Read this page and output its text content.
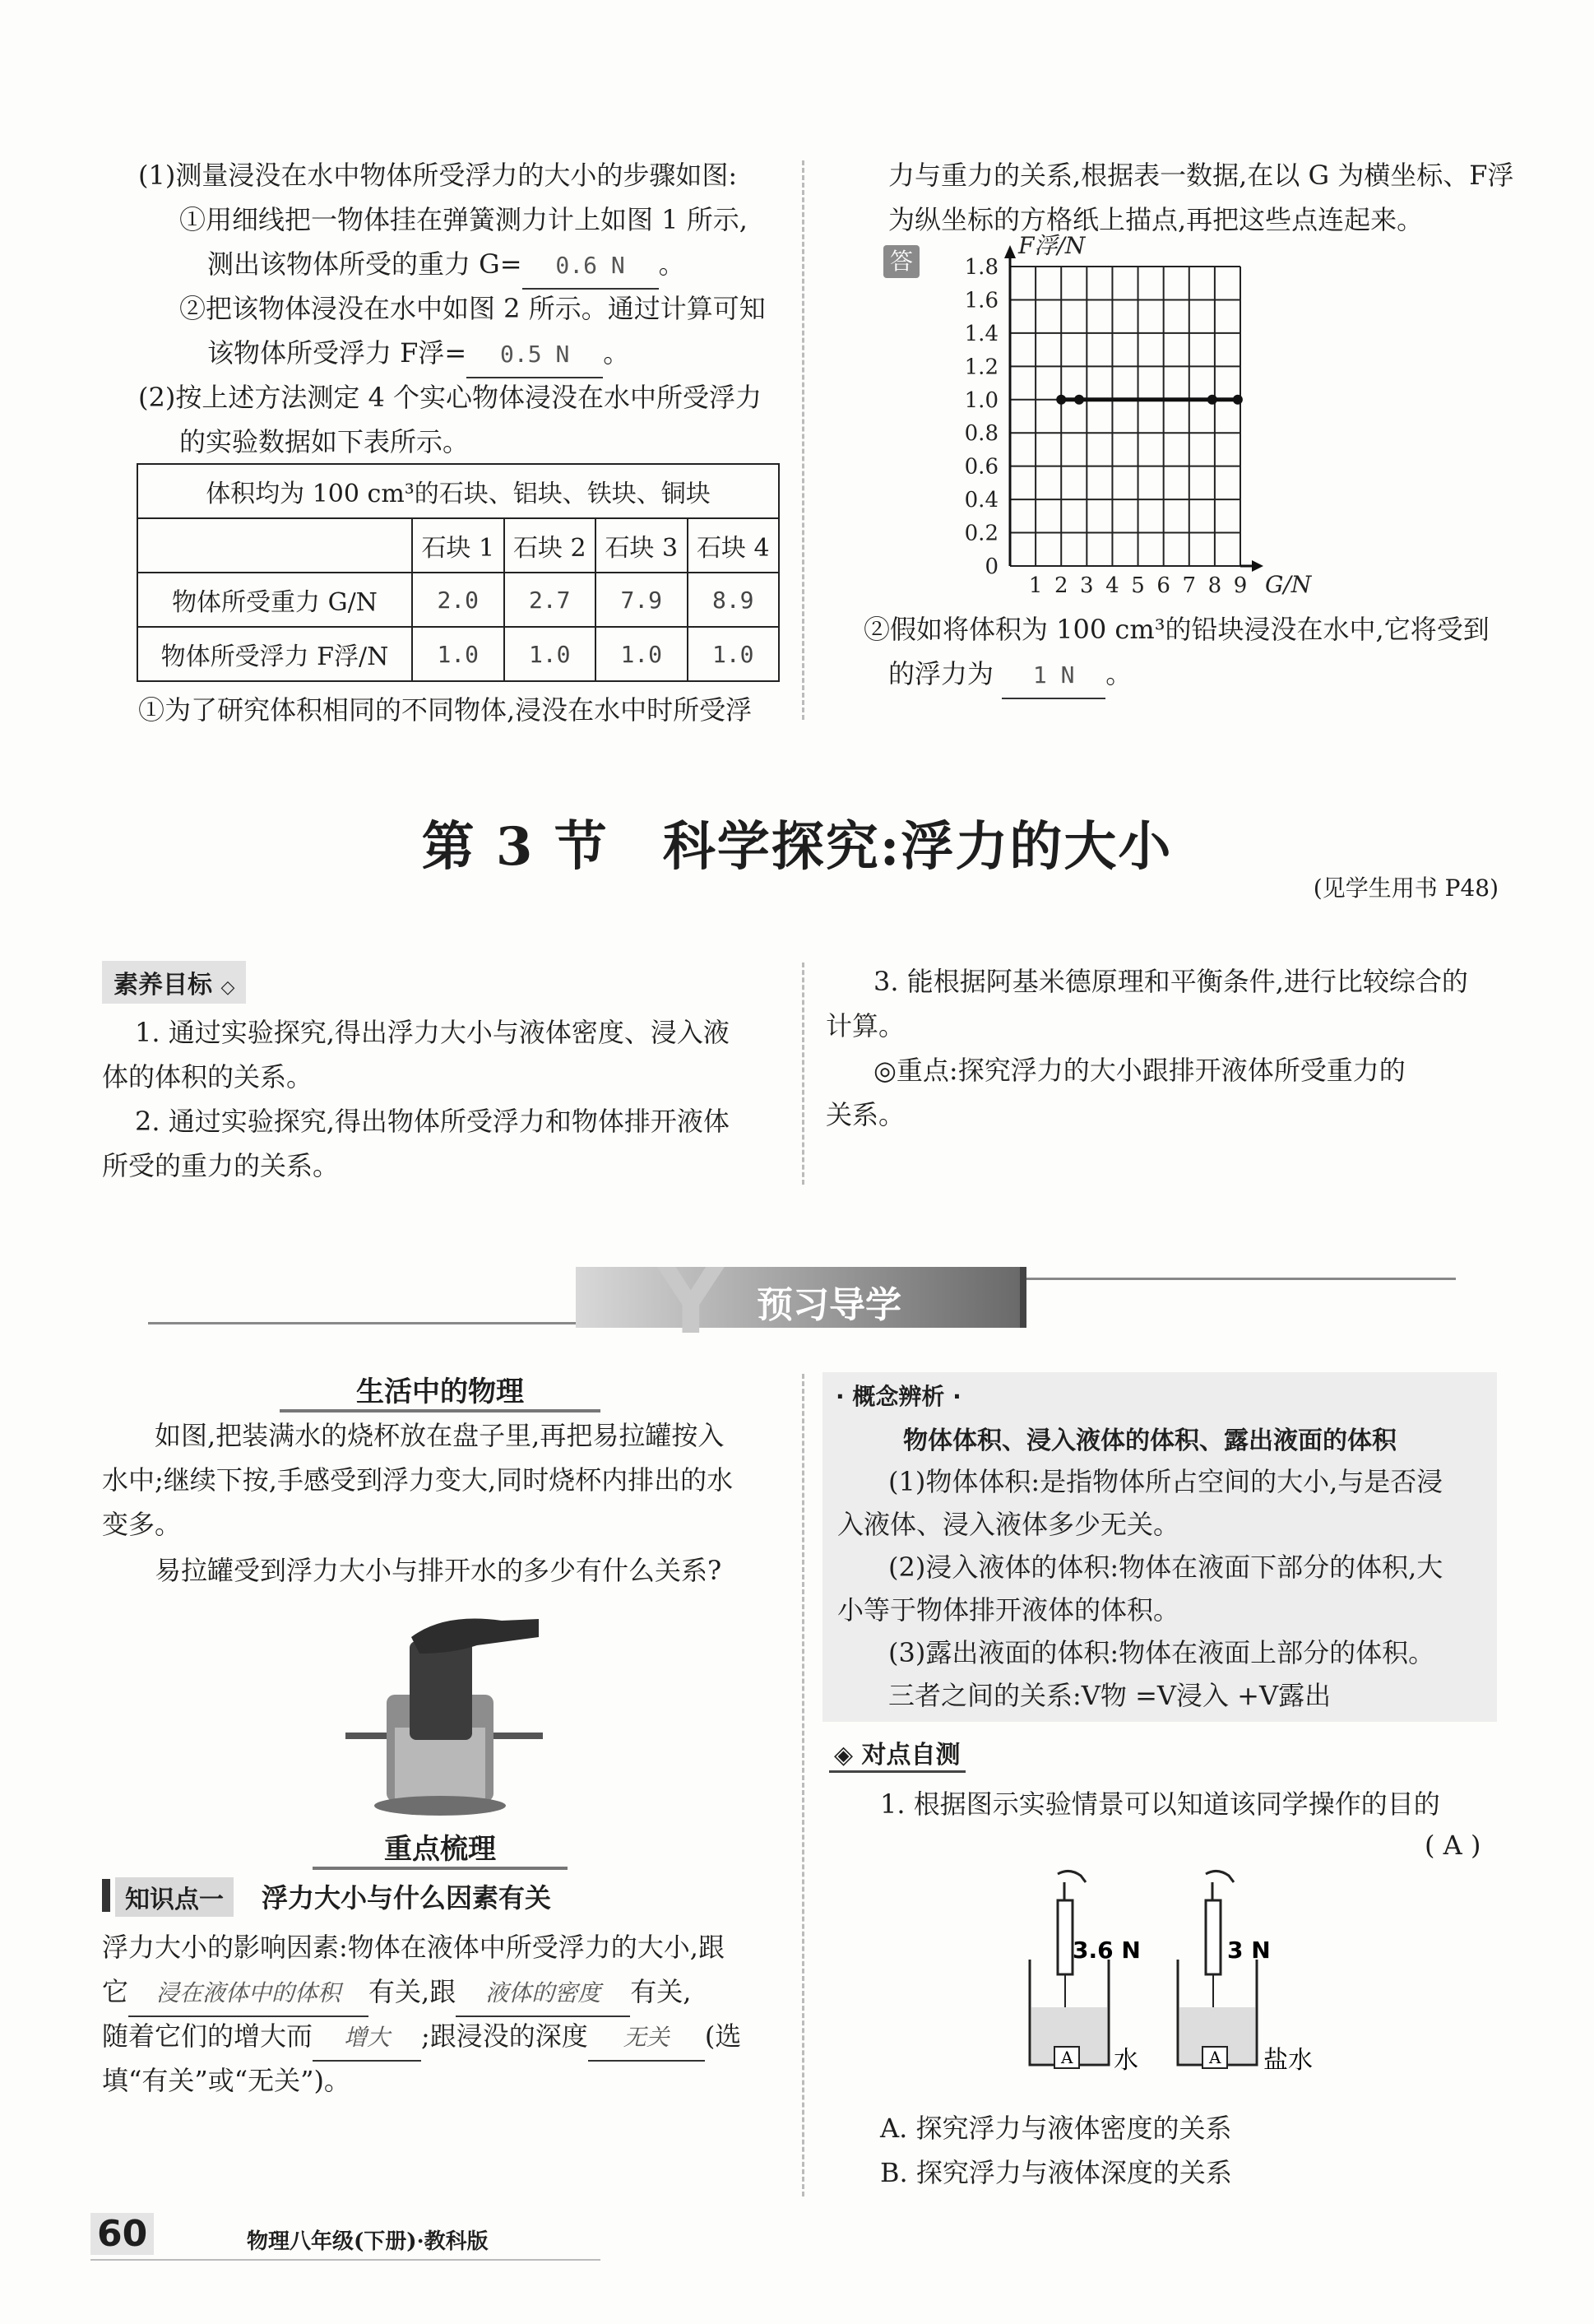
(1)测量浸没在水中物体所受浮力的大小的步骤如图:
①用细线把一物体挂在弹簧测力计上如图 1 所示,
测出该物体所受的重力 G= 0.6 N 。
②把该物体浸没在水中如图 2 所示。通过计算可知
该物体所受浮力 F浮= 0.5 N 。
(2)按上述方法测定 4 个实心物体浸没在水中所受浮力
的实验数据如下表所示。
体积均为 100 cm³的石块、铝块、铁块、铜块				
	石块 1	石块 2	石块 3	石块 4
物体所受重力 G/N	2.0	2.7	7.9	8.9
物体所受浮力 F浮/N	1.0	1.0	1.0	1.0
①为了研究体积相同的不同物体,浸没在水中时所受浮
力与重力的关系,根据表一数据,在以 G 为横坐标、F浮
为纵坐标的方格纸上描点,再把这些点连起来。
答
1 2 3 4 5 6 7 8 9
0
0.2
0.4
0.6
0.8
1.0
1.2
1.4
1.6
1.8
F浮/N
G/N
②假如将体积为 100 cm³的铅块浸没在水中,它将受到
的浮力为 1 N 。
第 3 节　科学探究:浮力的大小
(见学生用书 P48)
素养目标 ◇
1. 通过实验探究,得出浮力大小与液体密度、浸入液
体的体积的关系。
2. 通过实验探究,得出物体所受浮力和物体排开液体
所受的重力的关系。
3. 能根据阿基米德原理和平衡条件,进行比较综合的
计算。
◎重点:探究浮力的大小跟排开液体所受重力的
关系。
Y 预习导学
生活中的物理
如图,把装满水的烧杯放在盘子里,再把易拉罐按入
水中;继续下按,手感受到浮力变大,同时烧杯内排出的水
变多。
易拉罐受到浮力大小与排开水的多少有什么关系?
重点梳理
知识点一	浮力大小与什么因素有关
浮力大小的影响因素:物体在液体中所受浮力的大小,跟
它 浸在液体中的体积 有关,跟 液体的密度 有关,
随着它们的增大而 增大 ;跟浸没的深度 无关 (选
填“有关”或“无关”)。
· 概念辨析 ·
物体体积、浸入液体的体积、露出液面的体积
(1)物体体积:是指物体所占空间的大小,与是否浸
入液体、浸入液体多少无关。
(2)浸入液体的体积:物体在液面下部分的体积,大
小等于物体排开液体的体积。
(3)露出液面的体积:物体在液面上部分的体积。
三者之间的关系:V物 =V浸入 +V露出
◈ 对点自测
1. 根据图示实验情景可以知道该同学操作的目的
( A )
3.6 N
A 水
3 N
A 盐水
A. 探究浮力与液体密度的关系
B. 探究浮力与液体深度的关系
60	物理八年级(下册)·教科版
